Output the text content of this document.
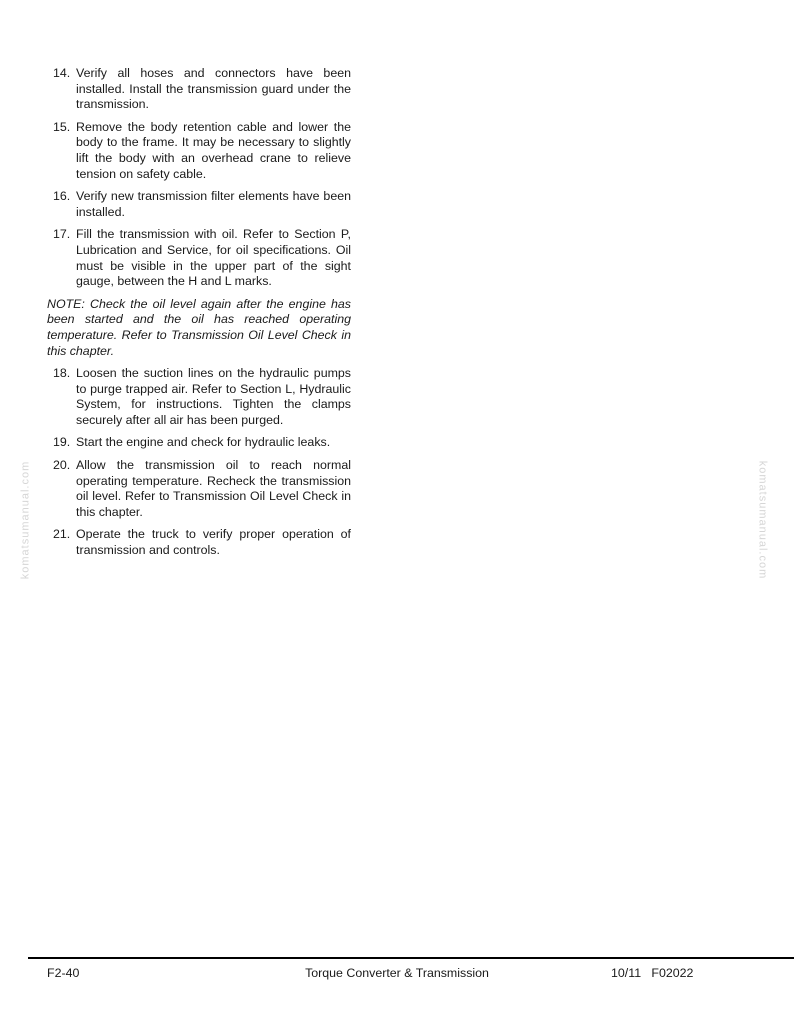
komatsumanual.com	komatsumanual.com
14. Verify all hoses and connectors have been installed. Install the transmission guard under the transmission.
15. Remove the body retention cable and lower the body to the frame. It may be necessary to slightly lift the body with an overhead crane to relieve tension on safety cable.
16. Verify new transmission filter elements have been installed.
17. Fill the transmission with oil. Refer to Section P, Lubrication and Service, for oil specifications. Oil must be visible in the upper part of the sight gauge, between the H and L marks.

NOTE: Check the oil level again after the engine has been started and the oil has reached operating temperature. Refer to Transmission Oil Level Check in this chapter.

18. Loosen the suction lines on the hydraulic pumps to purge trapped air. Refer to Section L, Hydraulic System, for instructions. Tighten the clamps securely after all air has been purged.
19. Start the engine and check for hydraulic leaks.
20. Allow the transmission oil to reach normal operating temperature. Recheck the transmission oil level. Refer to Transmission Oil Level Check in this chapter.
21. Operate the truck to verify proper operation of transmission and controls.
F2-40	Torque Converter & Transmission	10/11   F02022
